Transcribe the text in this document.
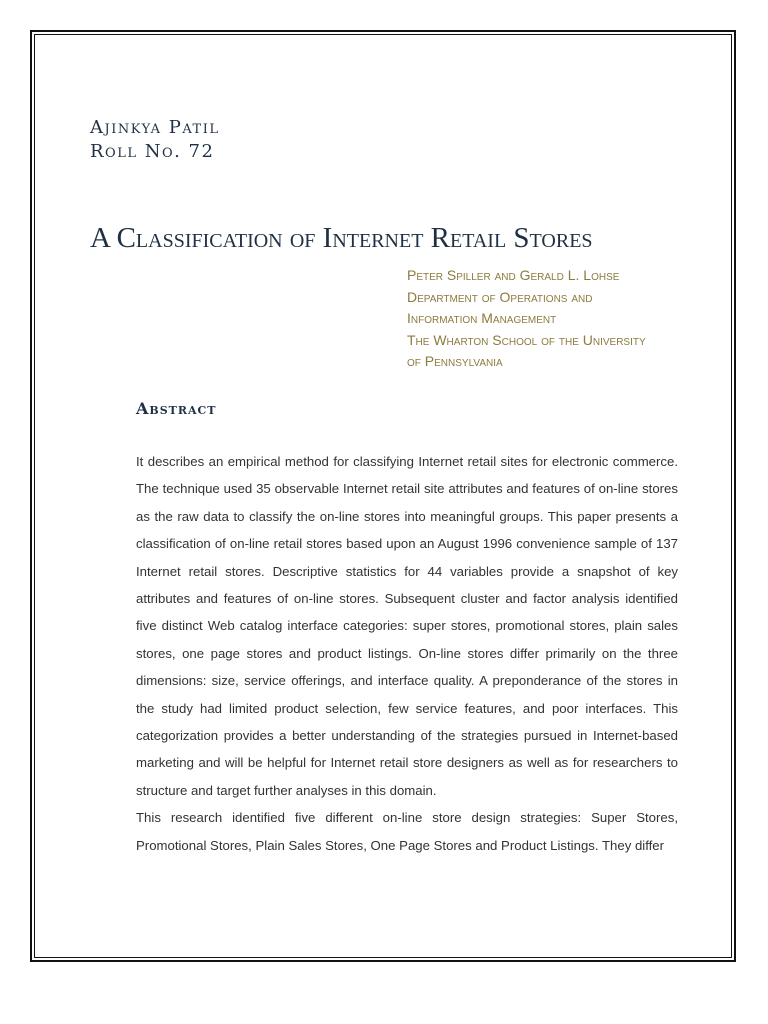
Ajinkya Patil
Roll No. 72
A Classification of Internet Retail Stores
Peter Spiller and Gerald L. Lohse
Department of Operations and
Information Management
The Wharton School of the University
of Pennsylvania
Abstract

It describes an empirical method for classifying Internet retail sites for electronic commerce. The technique used 35 observable Internet retail site attributes and features of on-line stores as the raw data to classify the on-line stores into meaningful groups. This paper presents a classification of on-line retail stores based upon an August 1996 convenience sample of 137 Internet retail stores. Descriptive statistics for 44 variables provide a snapshot of key attributes and features of on-line stores. Subsequent cluster and factor analysis identified five distinct Web catalog interface categories: super stores, promotional stores, plain sales stores, one page stores and product listings. On-line stores differ primarily on the three dimensions: size, service offerings, and interface quality. A preponderance of the stores in the study had limited product selection, few service features, and poor interfaces. This categorization provides a better understanding of the strategies pursued in Internet-based marketing and will be helpful for Internet retail store designers as well as for researchers to structure and target further analyses in this domain.

This research identified five different on-line store design strategies: Super Stores, Promotional Stores, Plain Sales Stores, One Page Stores and Product Listings. They differ
